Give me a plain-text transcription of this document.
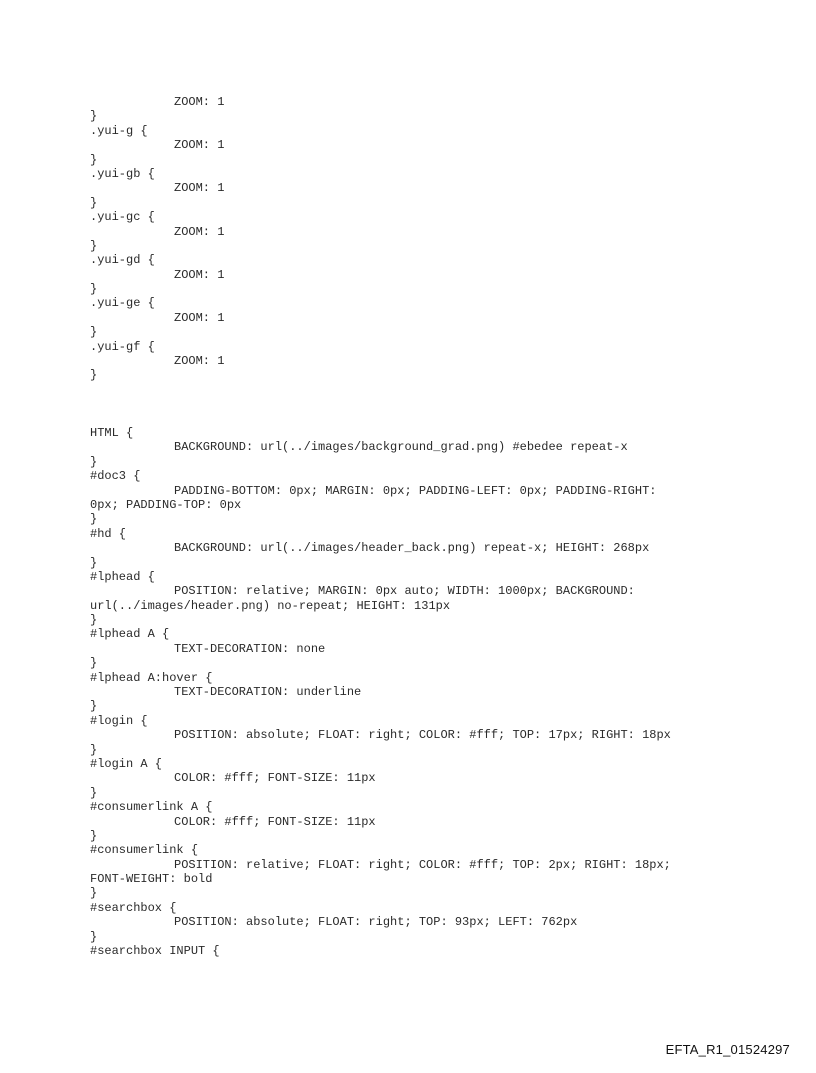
ZOOM: 1
}
.yui-g {
ZOOM: 1
}
.yui-gb {
ZOOM: 1
}
.yui-gc {
ZOOM: 1
}
.yui-gd {
ZOOM: 1
}
.yui-ge {
ZOOM: 1
}
.yui-gf {
ZOOM: 1
}
HTML {
BACKGROUND: url(../images/background_grad.png) #ebedee repeat-x
}
#doc3 {
PADDING-BOTTOM: 0px; MARGIN: 0px; PADDING-LEFT: 0px; PADDING-RIGHT:
0px; PADDING-TOP: 0px
}
#hd {
BACKGROUND: url(../images/header_back.png) repeat-x; HEIGHT: 268px
}
#lphead {
POSITION: relative; MARGIN: 0px auto; WIDTH: 1000px; BACKGROUND:
url(../images/header.png) no-repeat; HEIGHT: 131px
}
#lphead A {
TEXT-DECORATION: none
}
#lphead A:hover {
TEXT-DECORATION: underline
}
#login {
POSITION: absolute; FLOAT: right; COLOR: #fff; TOP: 17px; RIGHT: 18px
}
#login A {
COLOR: #fff; FONT-SIZE: 11px
}
#consumerlink A {
COLOR: #fff; FONT-SIZE: 11px
}
#consumerlink {
POSITION: relative; FLOAT: right; COLOR: #fff; TOP: 2px; RIGHT: 18px;
FONT-WEIGHT: bold
}
#searchbox {
POSITION: absolute; FLOAT: right; TOP: 93px; LEFT: 762px
}
#searchbox INPUT {
EFTA_R1_01524297
